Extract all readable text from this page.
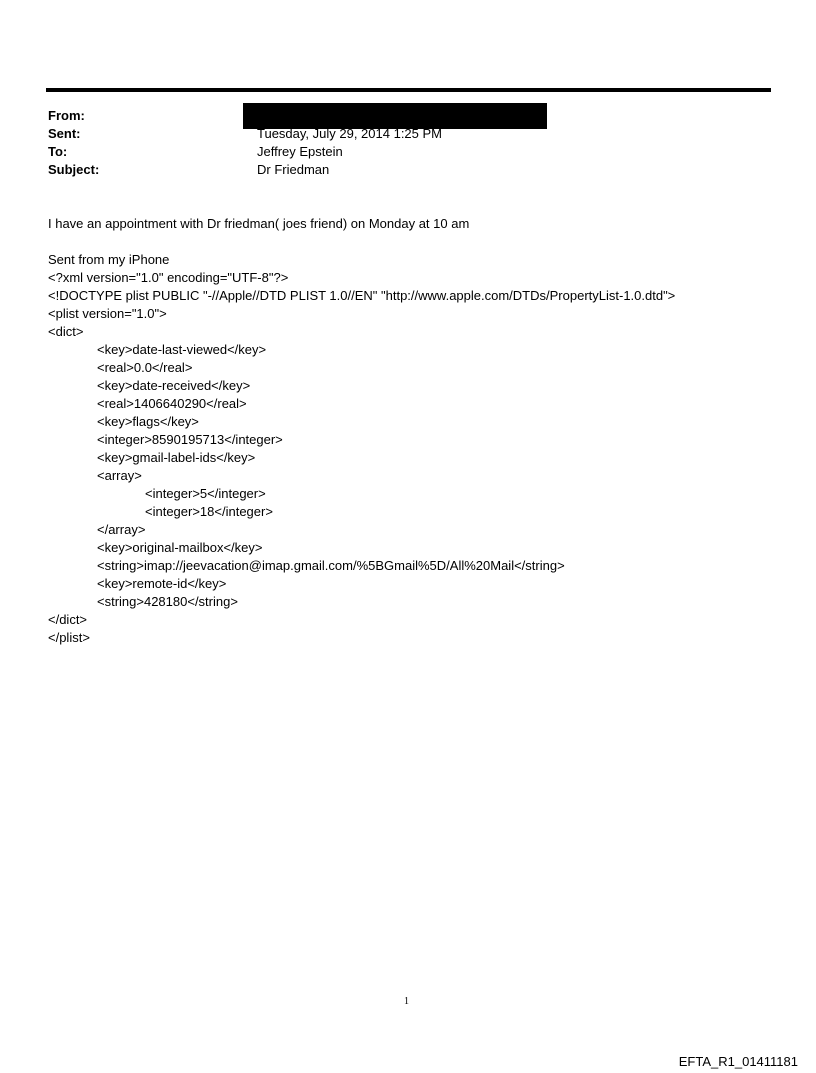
From:
Sent:	Tuesday, July 29, 2014 1:25 PM
To:	Jeffrey Epstein
Subject:	Dr Friedman
I have an appointment with Dr friedman( joes friend) on Monday at 10 am
Sent from my iPhone
<?xml version="1.0" encoding="UTF-8"?>
<!DOCTYPE plist PUBLIC "-//Apple//DTD PLIST 1.0//EN" "http://www.apple.com/DTDs/PropertyList-1.0.dtd">
<plist version="1.0">
<dict>
<key>date-last-viewed</key>
<real>0.0</real>
<key>date-received</key>
<real>1406640290</real>
<key>flags</key>
<integer>8590195713</integer>
<key>gmail-label-ids</key>
<array>
<integer>5</integer>
<integer>18</integer>
</array>
<key>original-mailbox</key>
<string>imap://jeevacation@imap.gmail.com/%5BGmail%5D/All%20Mail</string>
<key>remote-id</key>
<string>428180</string>
</dict>
</plist>
1
EFTA_R1_01411181
